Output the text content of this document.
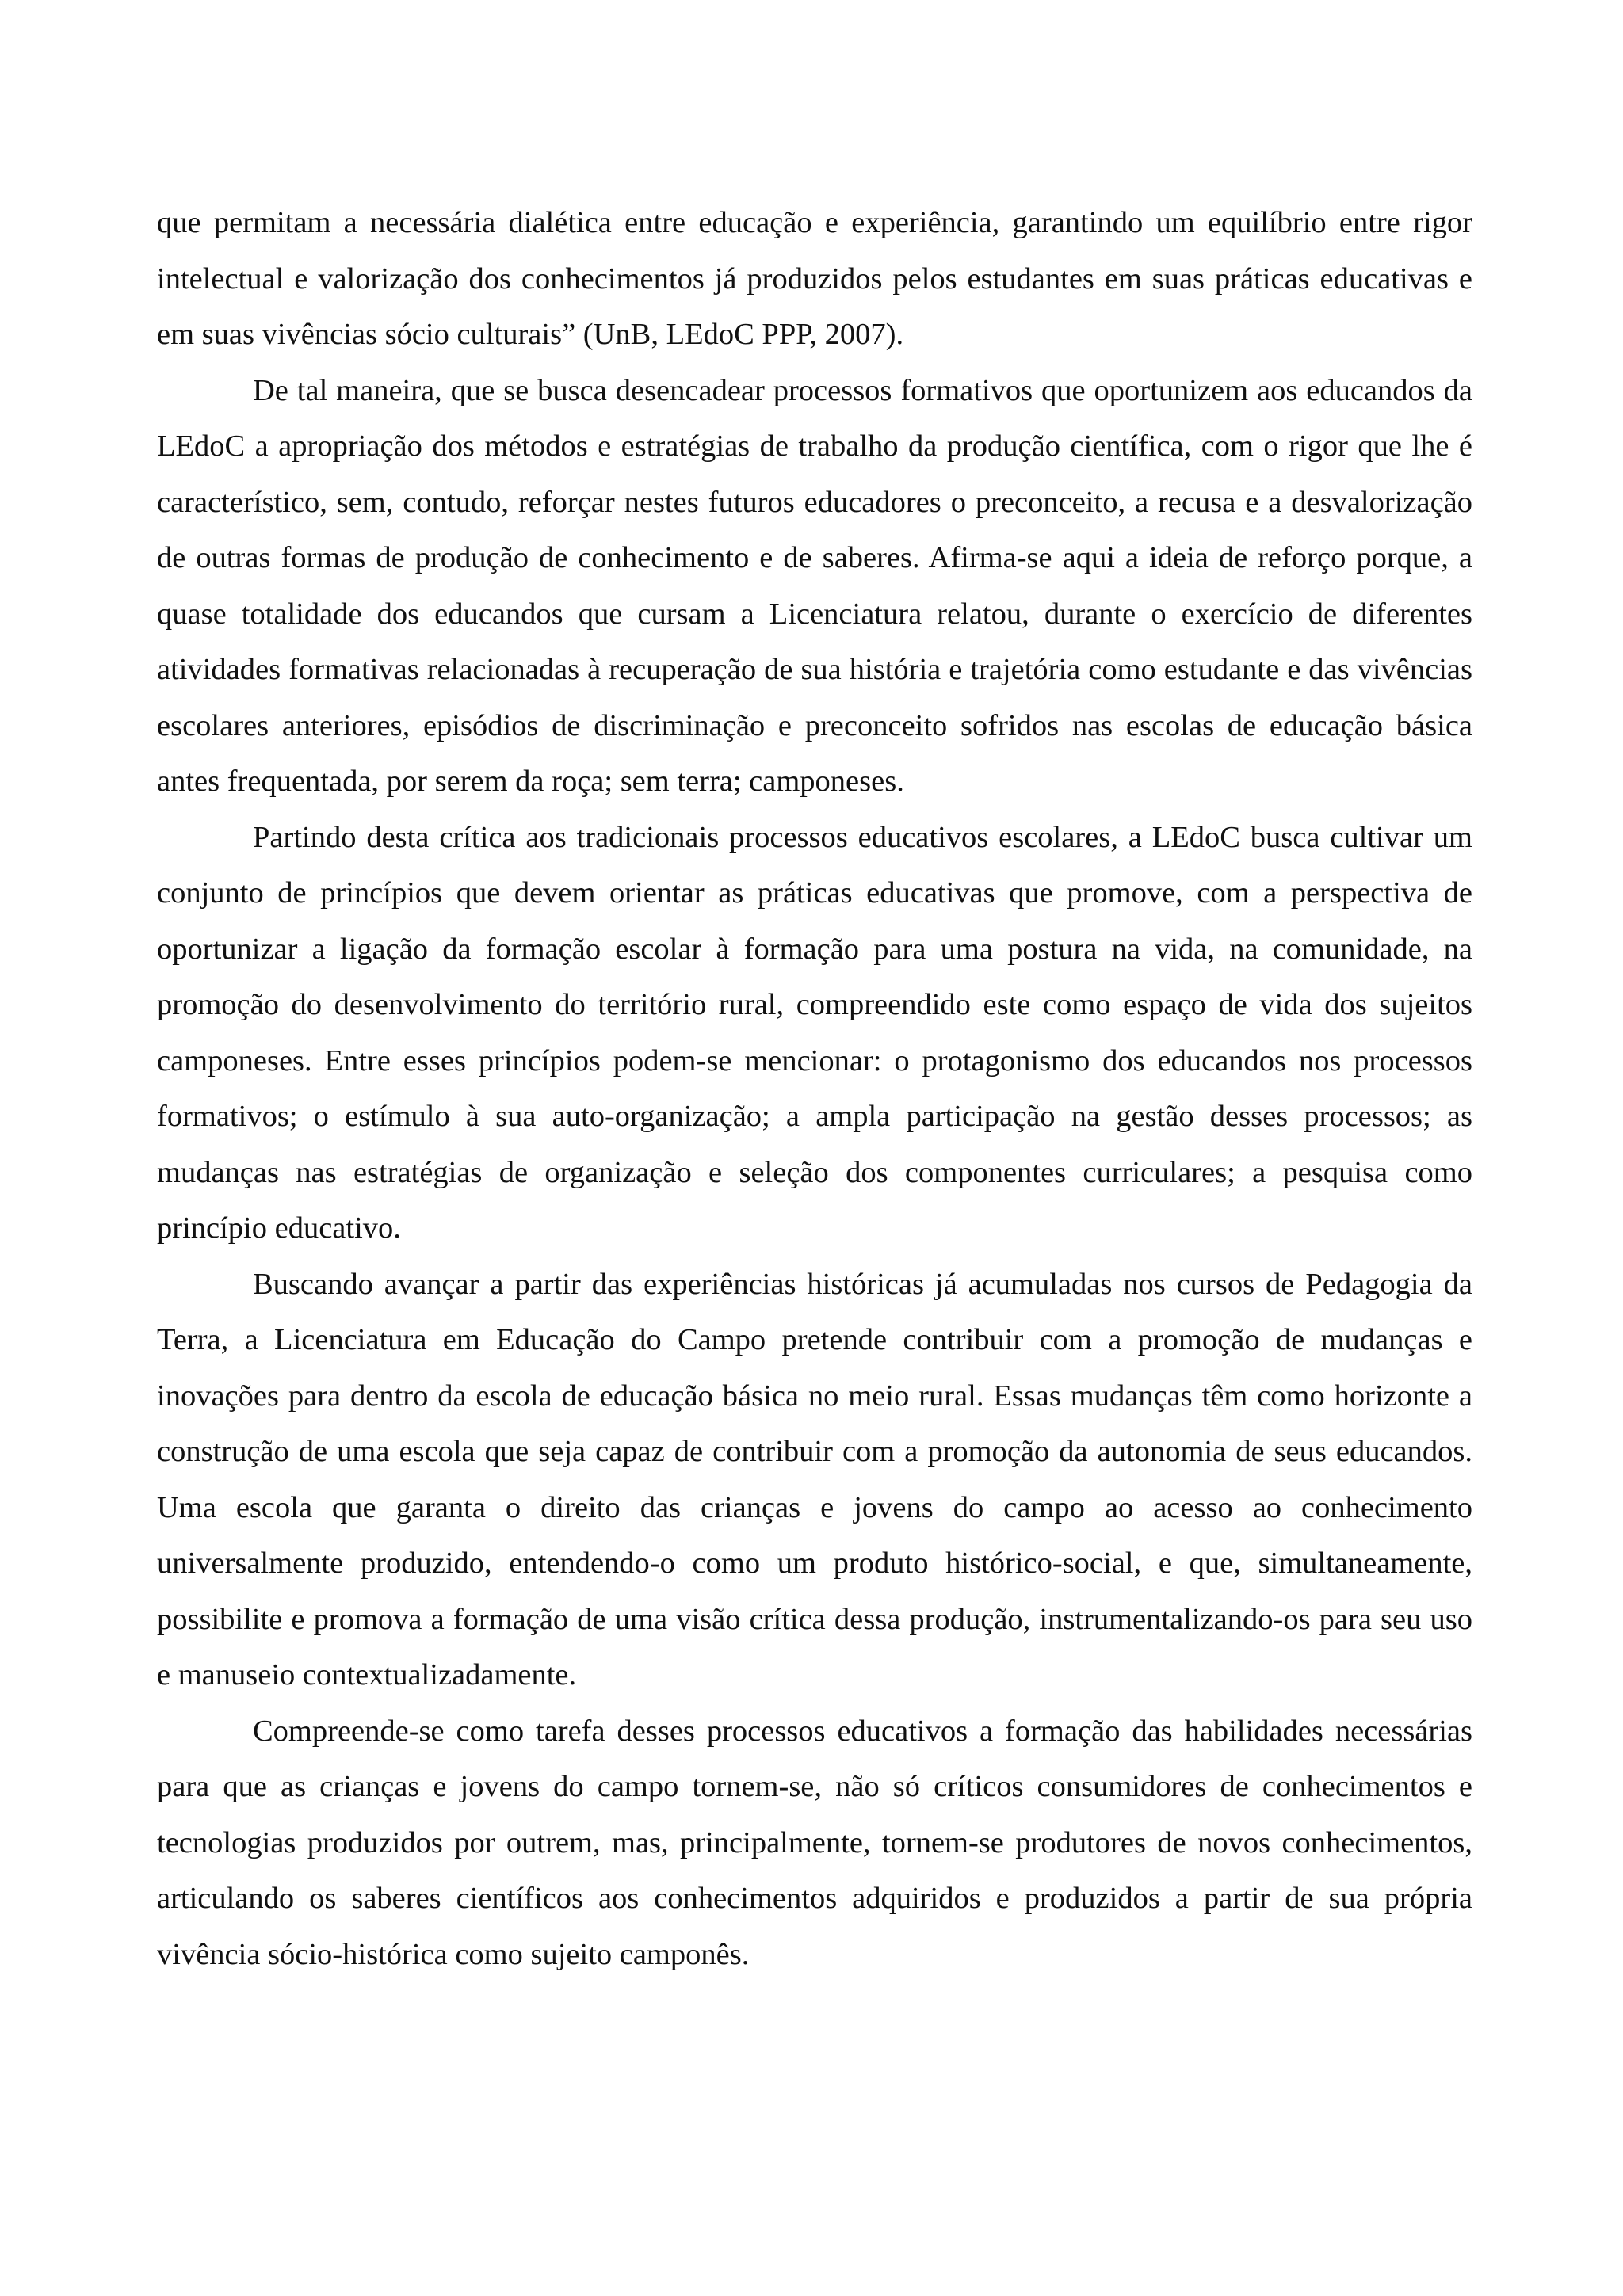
que permitam a necessária dialética entre educação e experiência, garantindo um equilíbrio entre rigor intelectual e valorização dos conhecimentos já produzidos pelos estudantes em suas práticas educativas e em suas vivências sócio culturais” (UnB, LEdoC PPP, 2007).

De tal maneira, que se busca desencadear processos formativos que oportunizem aos educandos da LEdoC a apropriação dos métodos e estratégias de trabalho da produção científica, com o rigor que lhe é característico, sem, contudo, reforçar nestes futuros educadores o preconceito, a recusa e a desvalorização de outras formas de produção de conhecimento e de saberes. Afirma-se aqui a ideia de reforço porque, a quase totalidade dos educandos que cursam a Licenciatura relatou, durante o exercício de diferentes atividades formativas relacionadas à recuperação de sua história e trajetória como estudante e das vivências escolares anteriores, episódios de discriminação e preconceito sofridos nas escolas de educação básica antes frequentada, por serem da roça; sem terra; camponeses.

Partindo desta crítica aos tradicionais processos educativos escolares, a LEdoC busca cultivar um conjunto de princípios que devem orientar as práticas educativas que promove, com a perspectiva de oportunizar a ligação da formação escolar à formação para uma postura na vida, na comunidade, na promoção do desenvolvimento do território rural, compreendido este como espaço de vida dos sujeitos camponeses. Entre esses princípios podem-se mencionar: o protagonismo dos educandos nos processos formativos; o estímulo à sua auto-organização; a ampla participação na gestão desses processos; as mudanças nas estratégias de organização e seleção dos componentes curriculares; a pesquisa como princípio educativo.

Buscando avançar a partir das experiências históricas já acumuladas nos cursos de Pedagogia da Terra, a Licenciatura em Educação do Campo pretende contribuir com a promoção de mudanças e inovações para dentro da escola de educação básica no meio rural. Essas mudanças têm como horizonte a construção de uma escola que seja capaz de contribuir com a promoção da autonomia de seus educandos. Uma escola que garanta o direito das crianças e jovens do campo ao acesso ao conhecimento universalmente produzido, entendendo-o como um produto histórico-social, e que, simultaneamente, possibilite e promova a formação de uma visão crítica dessa produção, instrumentalizando-os para seu uso e manuseio contextualizadamente.

Compreende-se como tarefa desses processos educativos a formação das habilidades necessárias para que as crianças e jovens do campo tornem-se, não só críticos consumidores de conhecimentos e tecnologias produzidos por outrem, mas, principalmente, tornem-se produtores de novos conhecimentos, articulando os saberes científicos aos conhecimentos adquiridos e produzidos a partir de sua própria vivência sócio-histórica como sujeito camponês.
